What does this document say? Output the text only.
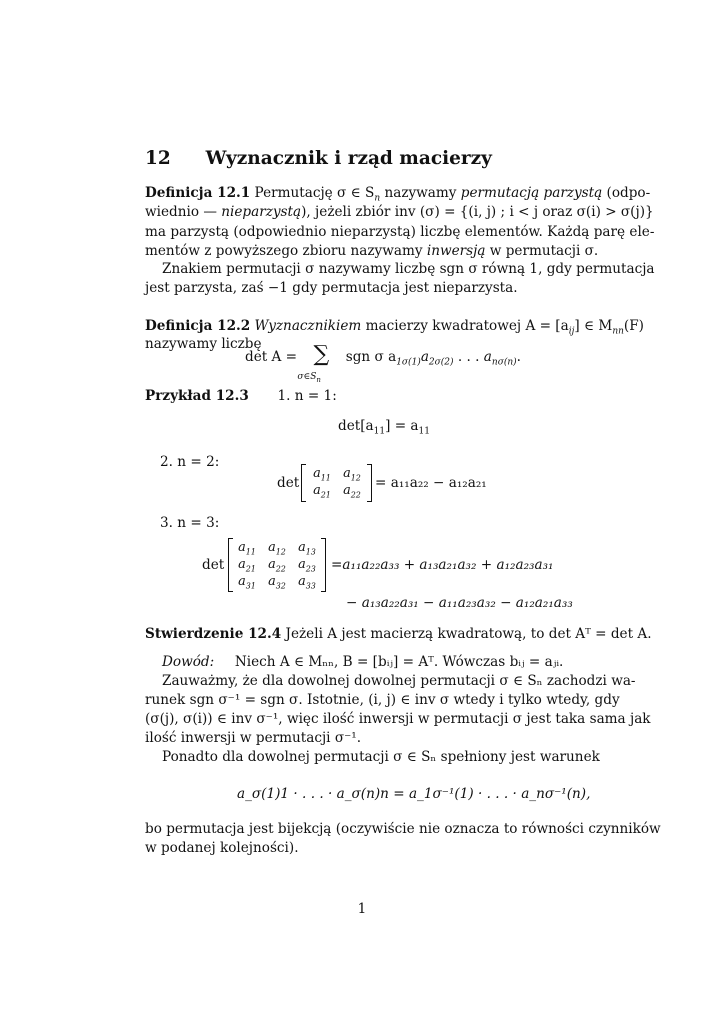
12 Wyznacznik i rząd macierzy
Definicja 12.1 Permutację σ ∈ $S_n$ nazywamy permutacją parzystą (odpo-
wiednio — nieparzystą), jeżeli zbiór inv (σ) = {(i, j) ; i < j oraz σ(i) > σ(j)}
ma parzystą (odpowiednio nieparzystą) liczbę elementów. Każdą parę ele-
mentów z powyższego zbioru nazywamy inwersją w permutacji σ.
Znakiem permutacji σ nazywamy liczbę sgn σ równą 1, gdy permutacja
jest parzysta, zaś −1 gdy permutacja jest nieparzysta.
Definicja 12.2 Wyznacznikiem macierzy kwadratowej $A = [a_{ij}]$ ∈ $M_{nn}(F)$
nazywamy liczbę
det A = ∑
$\sigma\in S_n$
sgn σ $a_{1\sigma(1)}a_{2\sigma(2)}$ . . . $a_{n\sigma(n)}$.
Przykład 12.3 1. n = 1:
$\det[a_{11}] = a_{11}$
2. n = 2:
det
$a_{11}$ $a_{12}$
$a_{21}$ $a_{22}$
= a₁₁a₂₂ − a₁₂a₂₁
3. n = 3:
det
$a_{11}$ $a_{12}$ $a_{13}$
$a_{21}$ $a_{22}$ $a_{23}$
$a_{31}$ $a_{32}$ $a_{33}$
=a₁₁a₂₂a₃₃ + a₁₃a₂₁a₃₂ + a₁₂a₂₃a₃₁
− a₁₃a₂₂a₃₁ − a₁₁a₂₃a₃₂ − a₁₂a₂₁a₃₃
Stwierdzenie 12.4 Jeżeli A jest macierzą kwadratową, to det Aᵀ = det A.
Dowód: Niech A ∈ Mₙₙ, B = [bᵢⱼ] = Aᵀ. Wówczas bᵢⱼ = aⱼᵢ.
Zauważmy, że dla dowolnej dowolnej permutacji σ ∈ Sₙ zachodzi wa-
runek sgn σ⁻¹ = sgn σ. Istotnie, (i, j) ∈ inv σ wtedy i tylko wtedy, gdy
(σ(j), σ(i)) ∈ inv σ⁻¹, więc ilość inwersji w permutacji σ jest taka sama jak
ilość inwersji w permutacji σ⁻¹.
Ponadto dla dowolnej permutacji σ ∈ Sₙ spełniony jest warunek
a_σ(1)1 · . . . · a_σ(n)n = a_1σ⁻¹(1) · . . . · a_nσ⁻¹(n),
bo permutacja jest bijekcją (oczywiście nie oznacza to równości czynników
w podanej kolejności).
1
